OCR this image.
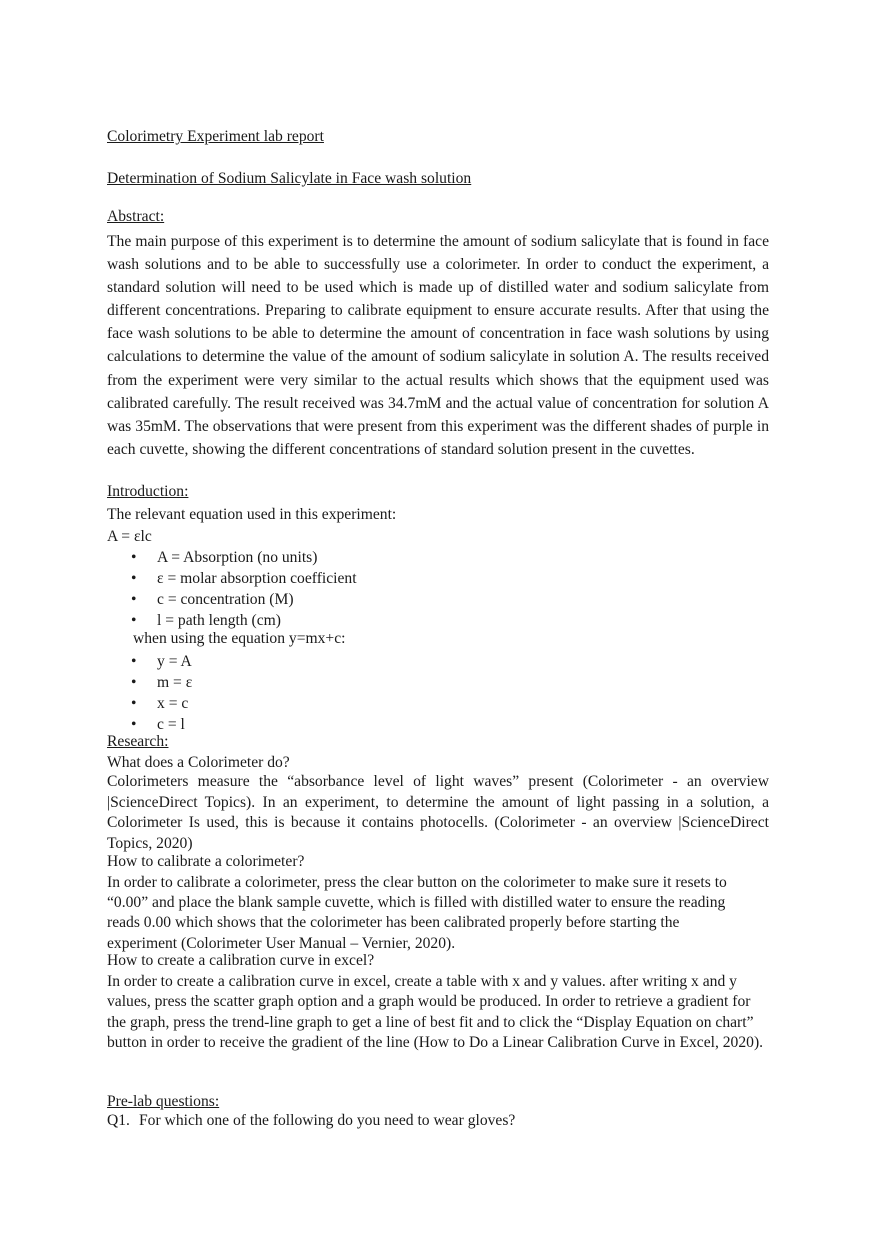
Colorimetry Experiment lab report

Determination of Sodium Salicylate in Face wash solution

Abstract:

The main purpose of this experiment is to determine the amount of sodium salicylate that is found in face wash solutions and to be able to successfully use a colorimeter. In order to conduct the experiment, a standard solution will need to be used which is made up of distilled water and sodium salicylate from different concentrations. Preparing to calibrate equipment to ensure accurate results. After that using the face wash solutions to be able to determine the amount of concentration in face wash solutions by using calculations to determine the value of the amount of sodium salicylate in solution A. The results received from the experiment were very similar to the actual results which shows that the equipment used was calibrated carefully. The result received was 34.7mM and the actual value of concentration for solution A was 35mM. The observations that were present from this experiment was the different shades of purple in each cuvette, showing the different concentrations of standard solution present in the cuvettes.

Introduction:

The relevant equation used in this experiment:

A = εlc

• A = Absorption (no units)
• ε = molar absorption coefficient
• c = concentration (M)
• l = path length (cm)

when using the equation y=mx+c:

• y = A
• m = ε
• x = c
• c = l

Research:

What does a Colorimeter do?

Colorimeters measure the “absorbance level of light waves” present (Colorimeter - an overview |ScienceDirect Topics). In an experiment, to determine the amount of light passing in a solution, a Colorimeter Is used, this is because it contains photocells. (Colorimeter - an overview |ScienceDirect Topics, 2020)

How to calibrate a colorimeter?

In order to calibrate a colorimeter, press the clear button on the colorimeter to make sure it resets to “0.00” and place the blank sample cuvette, which is filled with distilled water to ensure the reading reads 0.00 which shows that the colorimeter has been calibrated properly before starting the experiment (Colorimeter User Manual – Vernier, 2020).

How to create a calibration curve in excel?

In order to create a calibration curve in excel, create a table with x and y values. after writing x and y values, press the scatter graph option and a graph would be produced. In order to retrieve a gradient for the graph, press the trend-line graph to get a line of best fit and to click the “Display Equation on chart” button in order to receive the gradient of the line (How to Do a Linear Calibration Curve in Excel, 2020).

Pre-lab questions:

Q1. For which one of the following do you need to wear gloves?
